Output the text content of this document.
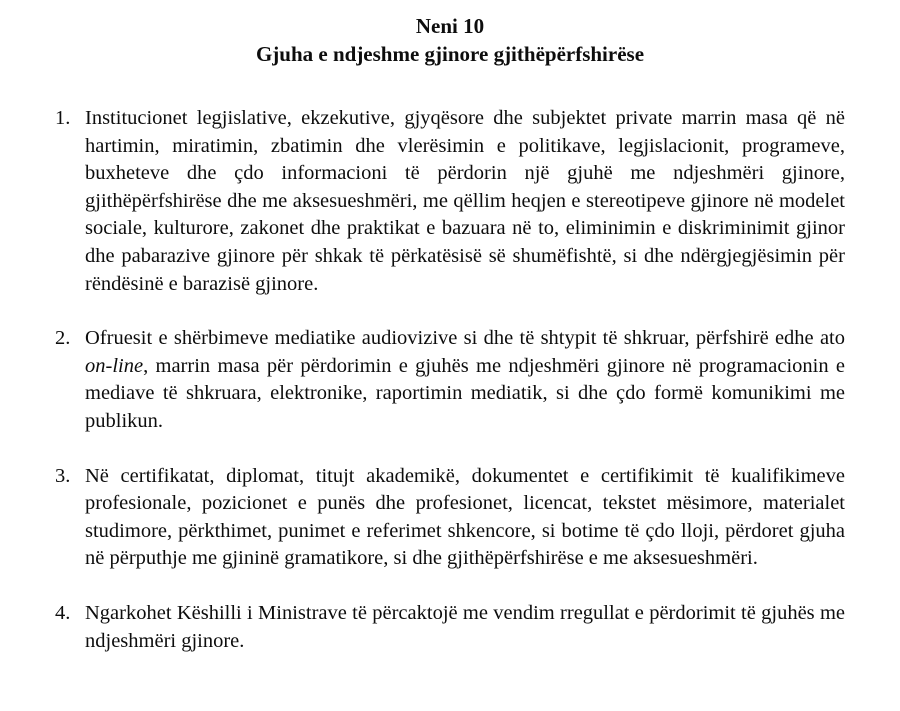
Neni 10
Gjuha e ndjeshme gjinore gjithëpërfshirëse
1. Institucionet legjislative, ekzekutive, gjyqësore dhe subjektet private marrin masa që në hartimin, miratimin, zbatimin dhe vlerësimin e politikave, legjislacionit, programeve, buxheteve dhe çdo informacioni të përdorin një gjuhë me ndjeshmëri gjinore, gjithëpërfshirëse dhe me aksesueshmëri, me qëllim heqjen e stereotipeve gjinore në modelet sociale, kulturore, zakonet dhe praktikat e bazuara në to, eliminimin e diskriminimit gjinor dhe pabarazive gjinore për shkak të përkatësisë së shumëfishtë, si dhe ndërgjegjësimin për rëndësinë e barazisë gjinore.
2. Ofruesit e shërbimeve mediatike audiovizive si dhe të shtypit të shkruar, përfshirë edhe ato on-line, marrin masa për përdorimin e gjuhës me ndjeshmëri gjinore në programacionin e mediave të shkruara, elektronike, raportimin mediatik, si dhe çdo formë komunikimi me publikun.
3. Në certifikatat, diplomat, titujt akademikë, dokumentet e certifikimit të kualifikimeve profesionale, pozicionet e punës dhe profesionet, licencat, tekstet mësimore, materialet studimore, përkthimet, punimet e referimet shkencore, si botime të çdo lloji, përdoret gjuha në përputhje me gjininë gramatikore, si dhe gjithëpërfshirëse e me aksesueshmëri.
4. Ngarkohet Këshilli i Ministrave të përcaktojë me vendim rregullat e përdorimit të gjuhës me ndjeshmëri gjinore.
